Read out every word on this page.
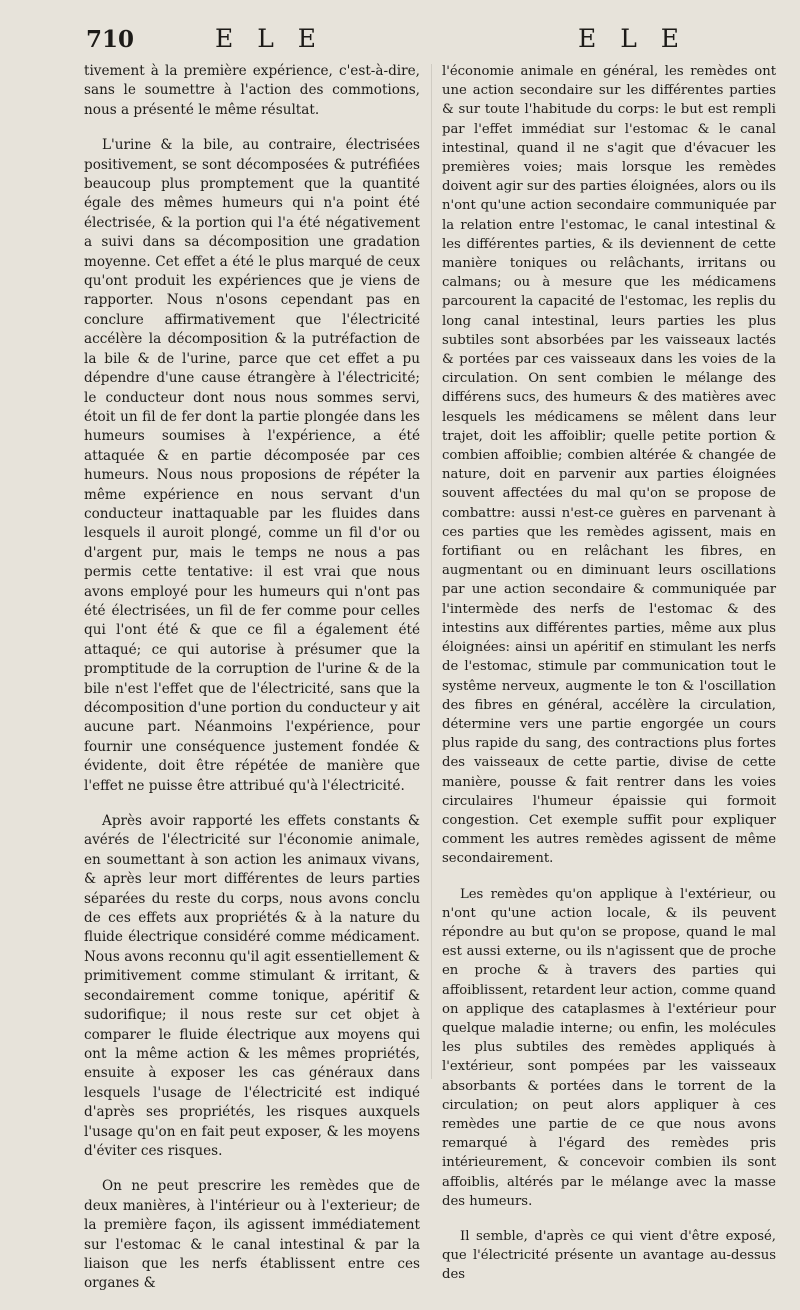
710	E L E	E L E

tivement à la première expérience, c'est-à-dire, sans le soumettre à l'action des commotions, nous a présenté le même résultat.

L'urine & la bile, au contraire, électrisées positivement, se sont décomposées & putréfiées beaucoup plus promptement que la quantité égale des mêmes humeurs qui n'a point été électrisée, & la portion qui l'a été négativement a suivi dans sa décomposition une gradation moyenne. Cet effet a été le plus marqué de ceux qu'ont produit les expériences que je viens de rapporter. Nous n'osons cependant pas en conclure affirmativement que l'électricité accélère la décomposition & la putréfaction de la bile & de l'urine, parce que cet effet a pu dépendre d'une cause étrangère à l'électricité; le conducteur dont nous nous sommes servi, étoit un fil de fer dont la partie plongée dans les humeurs soumises à l'expérience, a été attaquée & en partie décomposée par ces humeurs. Nous nous proposions de répéter la même expérience en nous servant d'un conducteur inattaquable par les fluides dans lesquels il auroit plongé, comme un fil d'or ou d'argent pur, mais le temps ne nous a pas permis cette tentative: il est vrai que nous avons employé pour les humeurs qui n'ont pas été électrisées, un fil de fer comme pour celles qui l'ont été & que ce fil a également été attaqué; ce qui autorise à présumer que la promptitude de la corruption de l'urine & de la bile n'est l'effet que de l'électricité, sans que la décomposition d'une portion du conducteur y ait aucune part. Néanmoins l'expérience, pour fournir une conséquence justement fondée & évidente, doit être répétée de manière que l'effet ne puisse être attribué qu'à l'électricité.

Après avoir rapporté les effets constants & avérés de l'électricité sur l'économie animale, en soumettant à son action les animaux vivans, & après leur mort différentes de leurs parties séparées du reste du corps, nous avons conclu de ces effets aux propriétés & à la nature du fluide électrique considéré comme médicament. Nous avons reconnu qu'il agit essentiellement & primitivement comme stimulant & irritant, & secondairement comme tonique, apéritif & sudorifique; il nous reste sur cet objet à comparer le fluide électrique aux moyens qui ont la même action & les mêmes propriétés, ensuite à exposer les cas généraux dans lesquels l'usage de l'électricité est indiqué d'après ses propriétés, les risques auxquels l'usage qu'on en fait peut exposer, & les moyens d'éviter ces risques.

On ne peut prescrire les remèdes que de deux manières, à l'intérieur ou à l'exterieur; de la première façon, ils agissent immédiatement sur l'estomac & le canal intestinal & par la liaison que les nerfs établissent entre ces organes &

l'économie animale en général, les remèdes ont une action secondaire sur les différentes parties & sur toute l'habitude du corps: le but est rempli par l'effet immédiat sur l'estomac & le canal intestinal, quand il ne s'agit que d'évacuer les premières voies; mais lorsque les remèdes doivent agir sur des parties éloignées, alors ou ils n'ont qu'une action secondaire communiquée par la relation entre l'estomac, le canal intestinal & les différentes parties, & ils deviennent de cette manière toniques ou relâchants, irritans ou calmans; ou à mesure que les médicamens parcourent la capacité de l'estomac, les replis du long canal intestinal, leurs parties les plus subtiles sont absorbées par les vaisseaux lactés & portées par ces vaisseaux dans les voies de la circulation. On sent combien le mélange des différens sucs, des humeurs & des matières avec lesquels les médicamens se mêlent dans leur trajet, doit les affoiblir; quelle petite portion & combien affoiblie; combien altérée & changée de nature, doit en parvenir aux parties éloignées souvent affectées du mal qu'on se propose de combattre: aussi n'est-ce guères en parvenant à ces parties que les remèdes agissent, mais en fortifiant ou en relâchant les fibres, en augmentant ou en diminuant leurs oscillations par une action secondaire & communiquée par l'intermède des nerfs de l'estomac & des intestins aux différentes parties, même aux plus éloignées: ainsi un apéritif en stimulant les nerfs de l'estomac, stimule par communication tout le systême nerveux, augmente le ton & l'oscillation des fibres en général, accélère la circulation, détermine vers une partie engorgée un cours plus rapide du sang, des contractions plus fortes des vaisseaux de cette partie, divise de cette manière, pousse & fait rentrer dans les voies circulaires l'humeur épaissie qui formoit congestion. Cet exemple suffit pour expliquer comment les autres remèdes agissent de même secondairement.

Les remèdes qu'on applique à l'extérieur, ou n'ont qu'une action locale, & ils peuvent répondre au but qu'on se propose, quand le mal est aussi externe, ou ils n'agissent que de proche en proche & à travers des parties qui affoiblissent, retardent leur action, comme quand on applique des cataplasmes à l'extérieur pour quelque maladie interne; ou enfin, les molécules les plus subtiles des remèdes appliqués à l'extérieur, sont pompées par les vaisseaux absorbants & portées dans le torrent de la circulation; on peut alors appliquer à ces remèdes une partie de ce que nous avons remarqué à l'égard des remèdes pris intérieurement, & concevoir combien ils sont affoiblis, altérés par le mélange avec la masse des humeurs.

Il semble, d'après ce qui vient d'être exposé, que l'électricité présente un avantage au-dessus des
